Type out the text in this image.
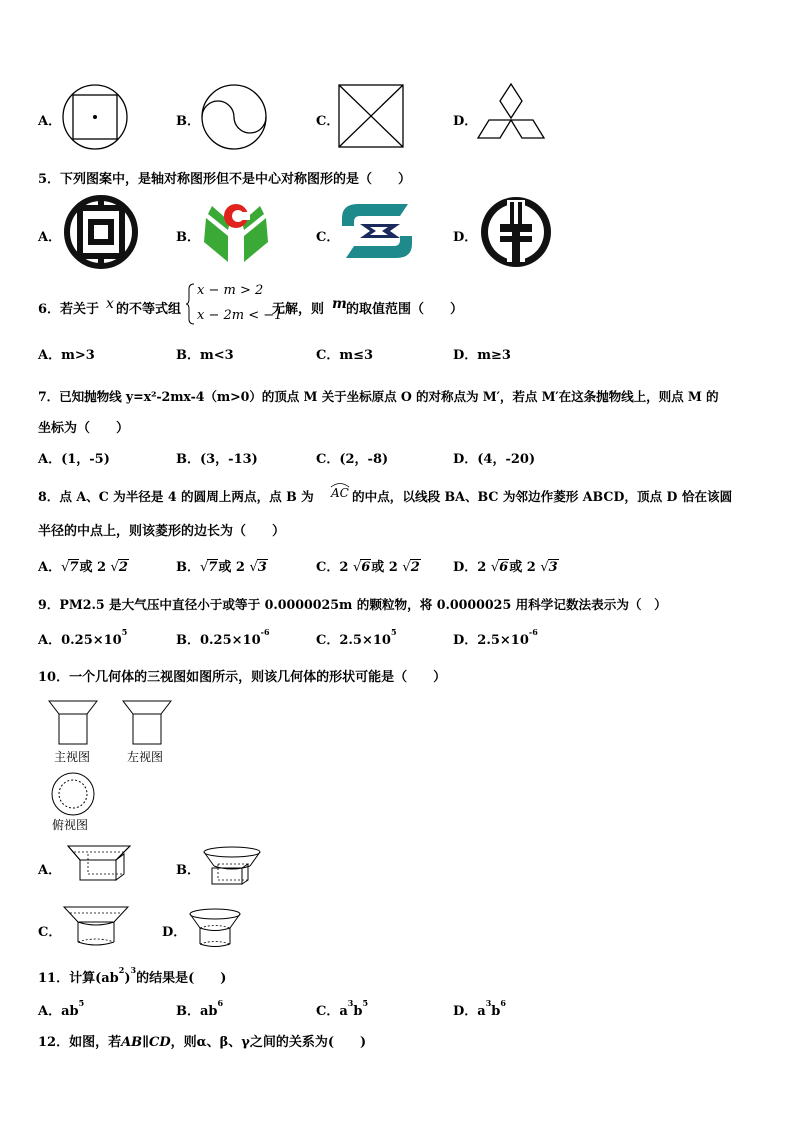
A．	B．	C．	D．
5．下列图案中，是轴对称图形但不是中心对称图形的是（　　）
A．	B．	C．	D．
6．若关于 x 的不等式组
x − m > 2
x − 2m < −1
无解，则 m 的取值范围（　　）
A．m>3	B．m<3	C．m≤3	D．m≥3
7．已知抛物线 y=x²-2mx-4（m>0）的顶点 M 关于坐标原点 O 的对称点为 M′，若点 M′在这条抛物线上，则点 M 的
坐标为（　　）
A．(1，-5)	B．(3，-13)	C．(2，-8)	D．(4，-20)
8．点 A、C 为半径是 4 的圆周上两点，点 B 为 AC 的中点，以线段 BA、BC 为邻边作菱形 ABCD，顶点 D 恰在该圆
半径的中点上，则该菱形的边长为（　　）
A．√7或 2 √2	B．√7或 2 √3	C．2 √6或 2 √2	D．2 √6或 2 √3
9．PM2.5 是大气压中直径小于或等于 0.0000025m 的颗粒物，将 0.0000025 用科学记数法表示为（　）
A．$0.25\times 10^5$
B．$0.25\times 10^{-6}$
C．$2.5\times 10^5$
D．$2.5\times 10^{-6}$
10．一个几何体的三视图如图所示，则该几何体的形状可能是（　　）
主视图	左视图
俯视图
A．	B．
C．	D．
11．计算$(ab^2)^3$的结果是(　　)
A．$ab^5$
B．$ab^6$
C．$a^3b^5$
D．$a^3b^6$
12．如图，若AB∥CD，则α、β、γ之间的关系为(　　)
